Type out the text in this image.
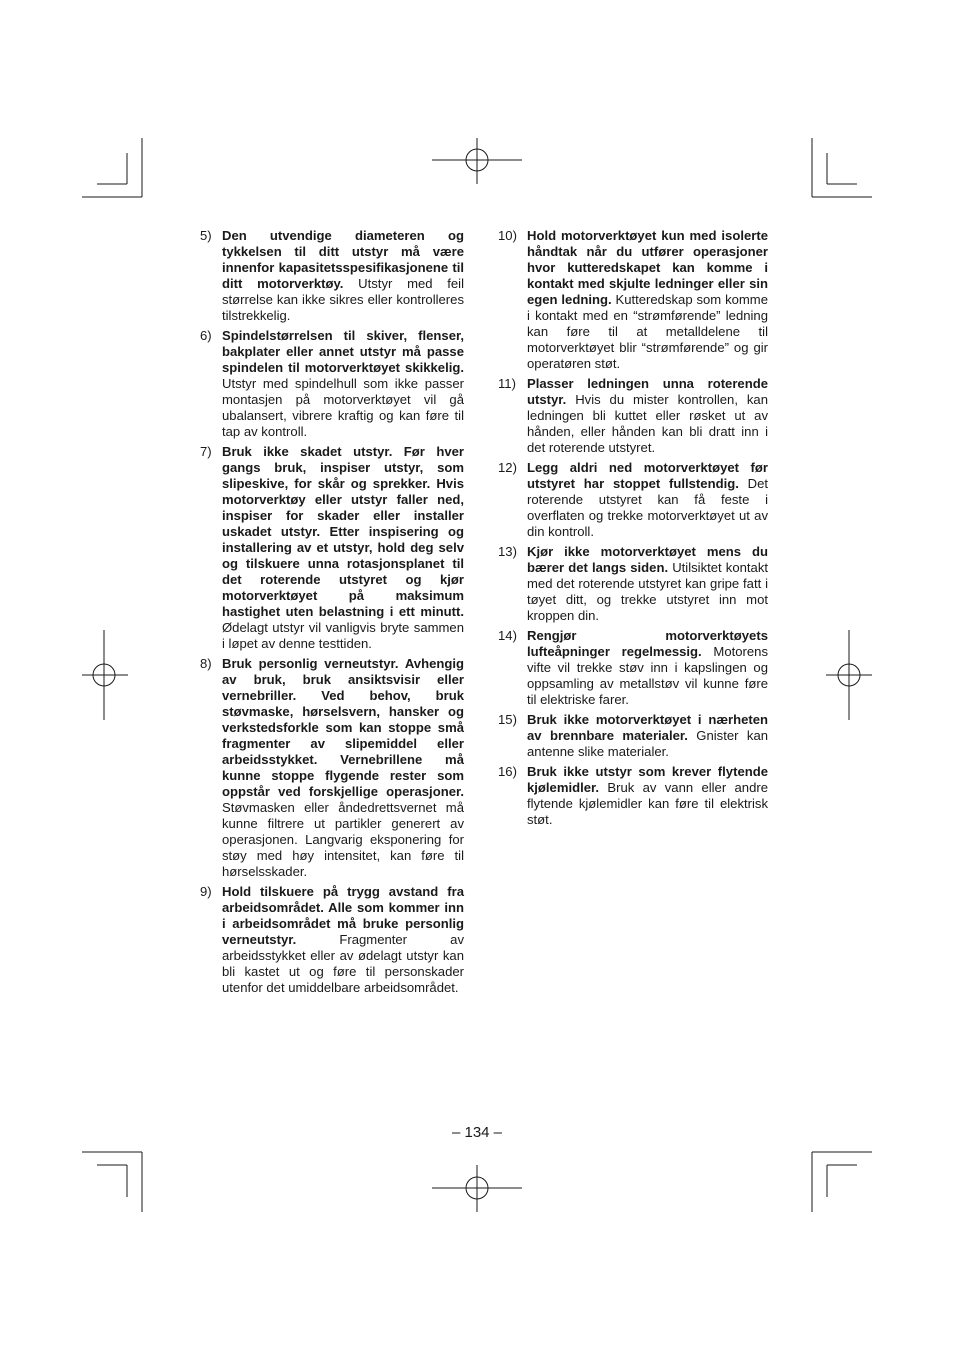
5) Den utvendige diameteren og tykkelsen til ditt utstyr må være innenfor kapasitetsspesifikasjonene til ditt motorverktøy. Utstyr med feil størrelse kan ikke sikres eller kontrolleres tilstrekkelig.
6) Spindelstørrelsen til skiver, flenser, bakplater eller annet utstyr må passe spindelen til motorverktøyet skikkelig. Utstyr med spindelhull som ikke passer montasjen på motorverktøyet vil gå ubalansert, vibrere kraftig og kan føre til tap av kontroll.
7) Bruk ikke skadet utstyr. Før hver gangs bruk, inspiser utstyr, som slipeskive, for skår og sprekker. Hvis motorverktøy eller utstyr faller ned, inspiser for skader eller installer uskadet utstyr. Etter inspisering og installering av et utstyr, hold deg selv og tilskuere unna rotasjonsplanet til det roterende utstyret og kjør motorverktøyet på maksimum hastighet uten belastning i ett minutt. Ødelagt utstyr vil vanligvis bryte sammen i løpet av denne testtiden.
8) Bruk personlig verneutstyr. Avhengig av bruk, bruk ansiktsvisir eller vernebriller. Ved behov, bruk støvmaske, hørselsvern, hansker og verkstedsforkle som kan stoppe små fragmenter av slipemiddel eller arbeidsstykket. Vernebrillene må kunne stoppe flygende rester som oppstår ved forskjellige operasjoner. Støvmasken eller åndedrettsvernet må kunne filtrere ut partikler generert av operasjonen. Langvarig eksponering for støy med høy intensitet, kan føre til hørselsskader.
9) Hold tilskuere på trygg avstand fra arbeidsområdet. Alle som kommer inn i arbeidsområdet må bruke personlig verneutstyr. Fragmenter av arbeidsstykket eller av ødelagt utstyr kan bli kastet ut og føre til personskader utenfor det umiddelbare arbeidsområdet.
10) Hold motorverktøyet kun med isolerte håndtak når du utfører operasjoner hvor kutteredskapet kan komme i kontakt med skjulte ledninger eller sin egen ledning. Kutteredskap som komme i kontakt med en “strømførende” ledning kan føre til at metalldelene til motorverktøyet blir “strømførende” og gir operatøren støt.
11) Plasser ledningen unna roterende utstyr. Hvis du mister kontrollen, kan ledningen bli kuttet eller røsket ut av hånden, eller hånden kan bli dratt inn i det roterende utstyret.
12) Legg aldri ned motorverktøyet før utstyret har stoppet fullstendig. Det roterende utstyret kan få feste i overflaten og trekke motorverktøyet ut av din kontroll.
13) Kjør ikke motorverktøyet mens du bærer det langs siden. Utilsiktet kontakt med det roterende utstyret kan gripe fatt i tøyet ditt, og trekke utstyret inn mot kroppen din.
14) Rengjør motorverktøyets lufteåpninger regelmessig. Motorens vifte vil trekke støv inn i kapslingen og oppsamling av metallstøv vil kunne føre til elektriske farer.
15) Bruk ikke motorverktøyet i nærheten av brennbare materialer. Gnister kan antenne slike materialer.
16) Bruk ikke utstyr som krever flytende kjølemidler. Bruk av vann eller andre flytende kjølemidler kan føre til elektrisk støt.
– 134 –
